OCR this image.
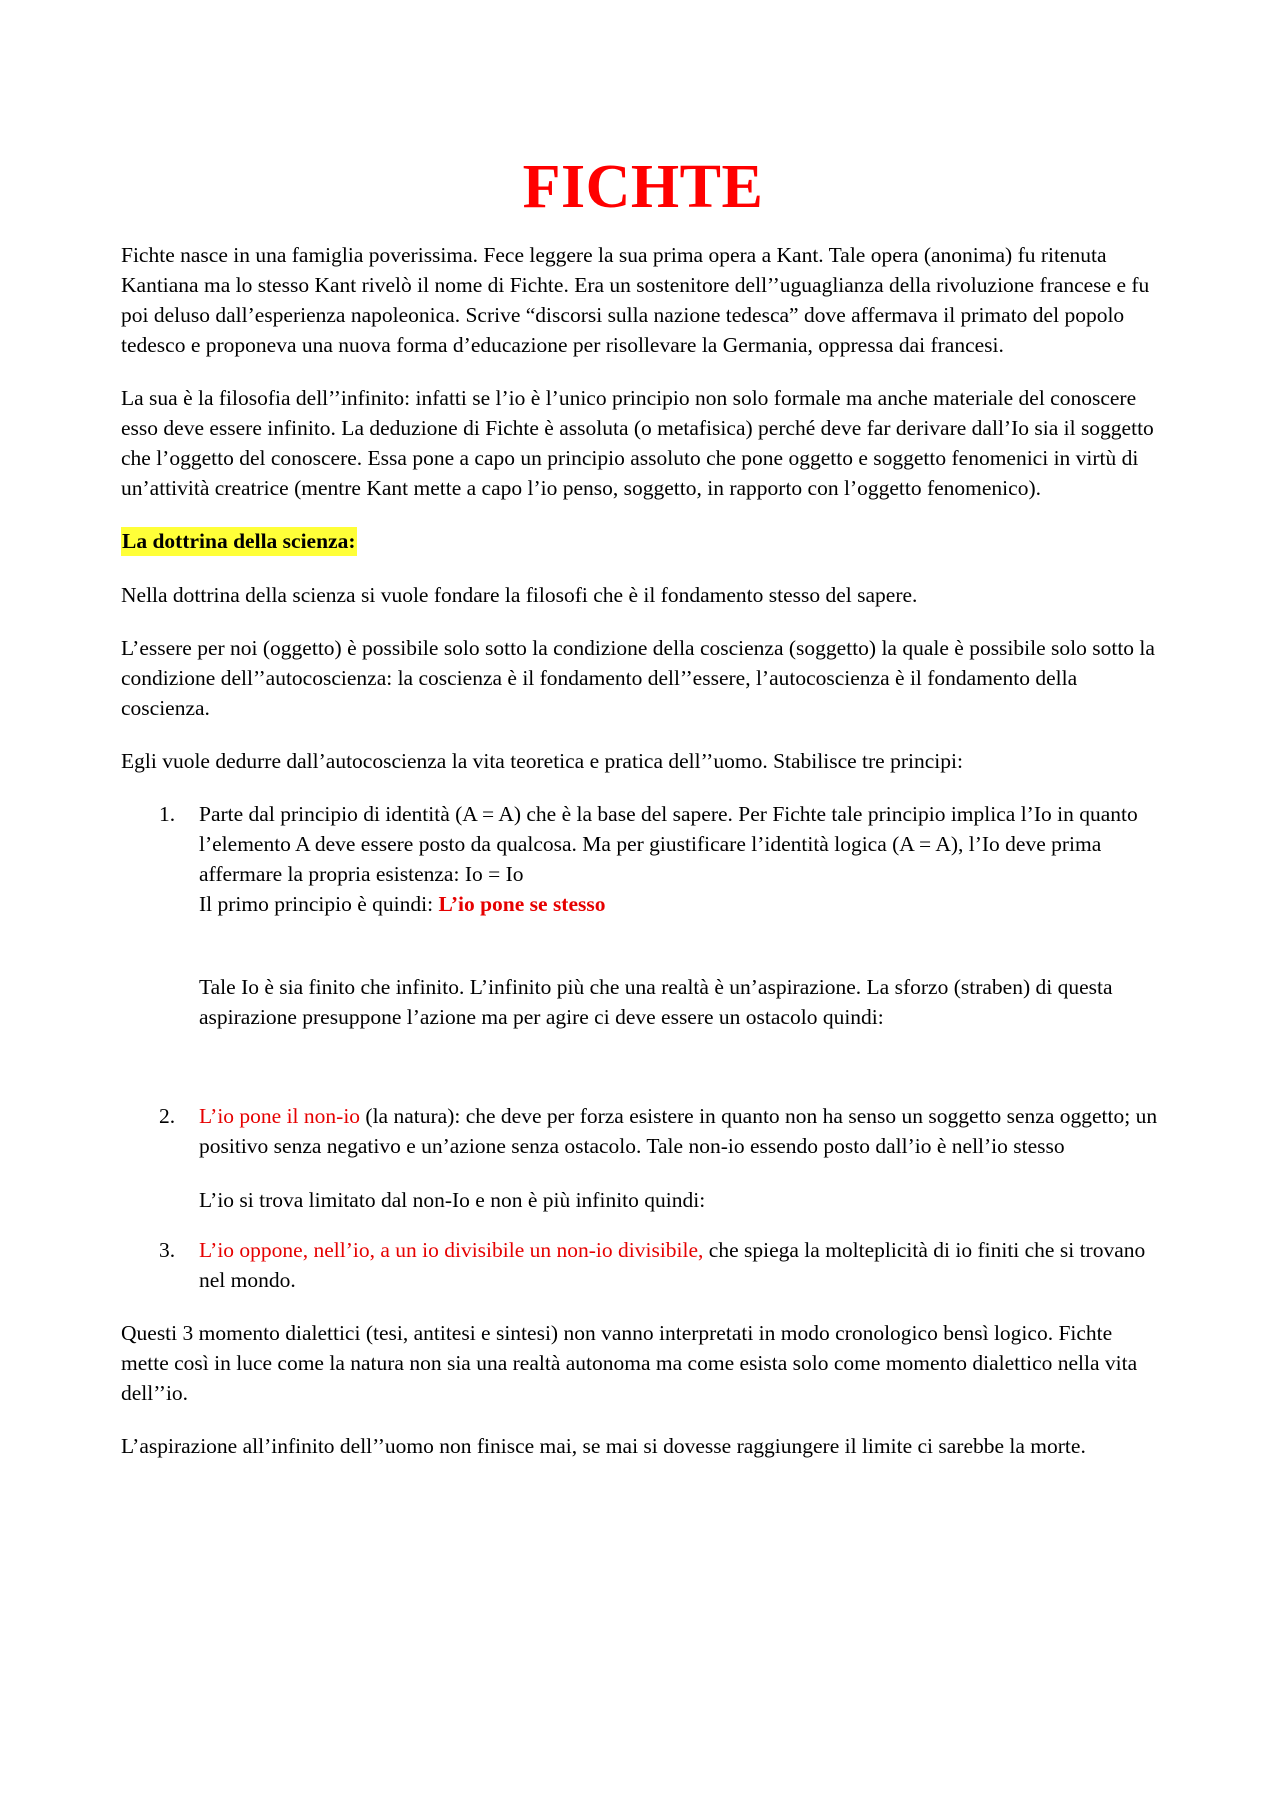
FICHTE

Fichte nasce in una famiglia poverissima. Fece leggere la sua prima opera a Kant. Tale opera (anonima) fu ritenuta Kantiana ma lo stesso Kant rivelò il nome di Fichte. Era un sostenitore dell’’uguaglianza della rivoluzione francese e fu poi deluso dall’esperienza napoleonica. Scrive “discorsi sulla nazione tedesca” dove affermava il primato del popolo tedesco e proponeva una nuova forma d’educazione per risollevare la Germania, oppressa dai francesi.

La sua è la filosofia dell’’infinito: infatti se l’io è l’unico principio non solo formale ma anche materiale del conoscere esso deve essere infinito. La deduzione di Fichte è assoluta (o metafisica) perché deve far derivare dall’Io sia il soggetto che l’oggetto del conoscere. Essa pone a capo un principio assoluto che pone oggetto e soggetto fenomenici in virtù di un’attività creatrice (mentre Kant mette a capo l’io penso, soggetto, in rapporto con l’oggetto fenomenico).

La dottrina della scienza:

Nella dottrina della scienza si vuole fondare la filosofi che è il fondamento stesso del sapere.

L’essere per noi (oggetto) è possibile solo sotto la condizione della coscienza (soggetto) la quale è possibile solo sotto la condizione dell’’autocoscienza: la coscienza è il fondamento dell’’essere, l’autocoscienza è il fondamento della coscienza.

Egli vuole dedurre dall’autocoscienza la vita teoretica e pratica dell’’uomo. Stabilisce tre principi:

1. Parte dal principio di identità (A = A) che è la base del sapere. Per Fichte tale principio implica l’Io in quanto l’elemento A deve essere posto da qualcosa. Ma per giustificare l’identità logica (A = A), l’Io deve prima affermare la propria esistenza: Io = Io
Il primo principio è quindi: L’io pone se stesso
Tale Io è sia finito che infinito. L’infinito più che una realtà è un’aspirazione. La sforzo (straben) di questa aspirazione presuppone l’azione ma per agire ci deve essere un ostacolo quindi:
2. L’io pone il non-io (la natura): che deve per forza esistere in quanto non ha senso un soggetto senza oggetto; un positivo senza negativo e un’azione senza ostacolo. Tale non-io essendo posto dall’io è nell’io stesso
L’io si trova limitato dal non-Io e non è più infinito quindi:
3. L’io oppone, nell’io, a un io divisibile un non-io divisibile, che spiega la molteplicità di io finiti che si trovano nel mondo.

Questi 3 momento dialettici (tesi, antitesi e sintesi) non vanno interpretati in modo cronologico bensì logico. Fichte mette così in luce come la natura non sia una realtà autonoma ma come esista solo come momento dialettico nella vita dell’’io.

L’aspirazione all’infinito dell’’uomo non finisce mai, se mai si dovesse raggiungere il limite ci sarebbe la morte.
